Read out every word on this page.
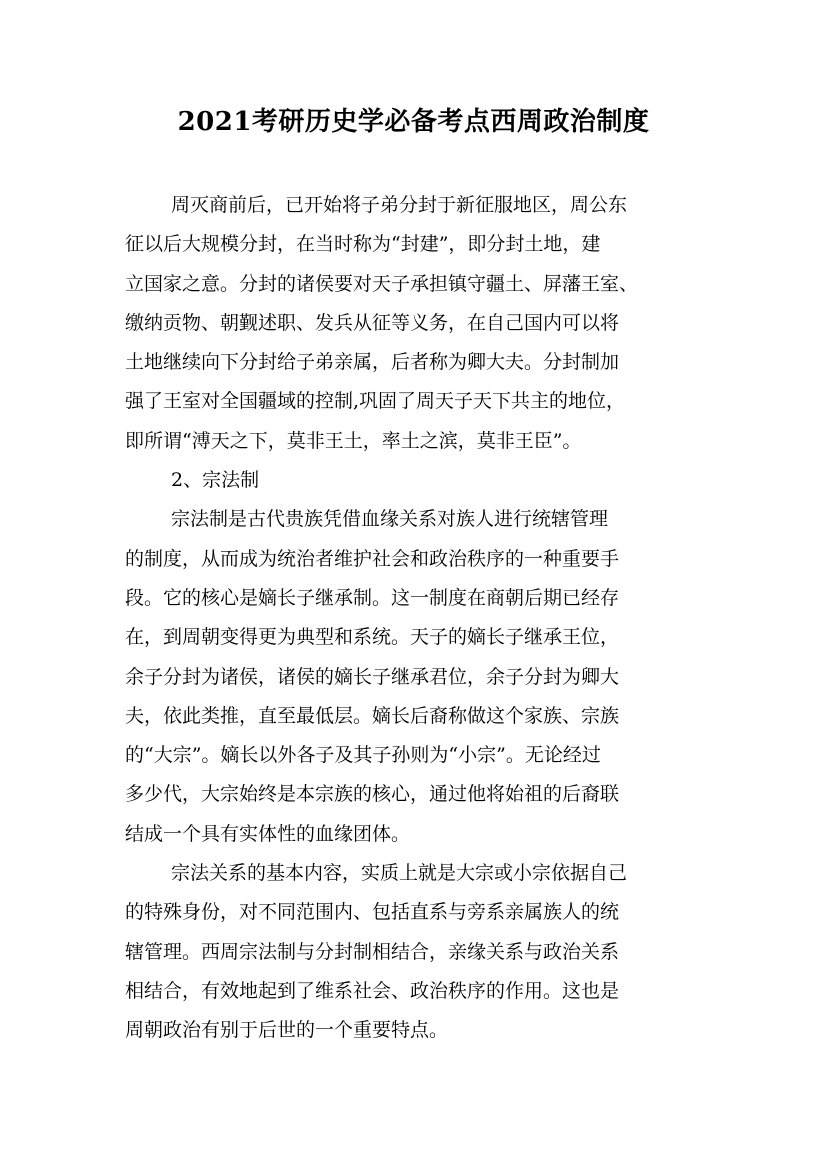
2021考研历史学必备考点西周政治制度
周灭商前后，已开始将子弟分封于新征服地区，周公东
征以后大规模分封，在当时称为“封建”，即分封土地，建
立国家之意。分封的诸侯要对天子承担镇守疆土、屏藩王室、
缴纳贡物、朝觐述职、发兵从征等义务，在自己国内可以将
土地继续向下分封给子弟亲属，后者称为卿大夫。分封制加
强了王室对全国疆域的控制,巩固了周天子天下共主的地位，
即所谓“溥天之下，莫非王土，率土之滨，莫非王臣”。
2、宗法制
宗法制是古代贵族凭借血缘关系对族人进行统辖管理
的制度，从而成为统治者维护社会和政治秩序的一种重要手
段。它的核心是嫡长子继承制。这一制度在商朝后期已经存
在，到周朝变得更为典型和系统。天子的嫡长子继承王位，
余子分封为诸侯，诸侯的嫡长子继承君位，余子分封为卿大
夫，依此类推，直至最低层。嫡长后裔称做这个家族、宗族
的“大宗”。嫡长以外各子及其子孙则为“小宗”。无论经过
多少代，大宗始终是本宗族的核心，通过他将始祖的后裔联
结成一个具有实体性的血缘团体。
宗法关系的基本内容，实质上就是大宗或小宗依据自己
的特殊身份，对不同范围内、包括直系与旁系亲属族人的统
辖管理。西周宗法制与分封制相结合，亲缘关系与政治关系
相结合，有效地起到了维系社会、政治秩序的作用。这也是
周朝政治有别于后世的一个重要特点。
